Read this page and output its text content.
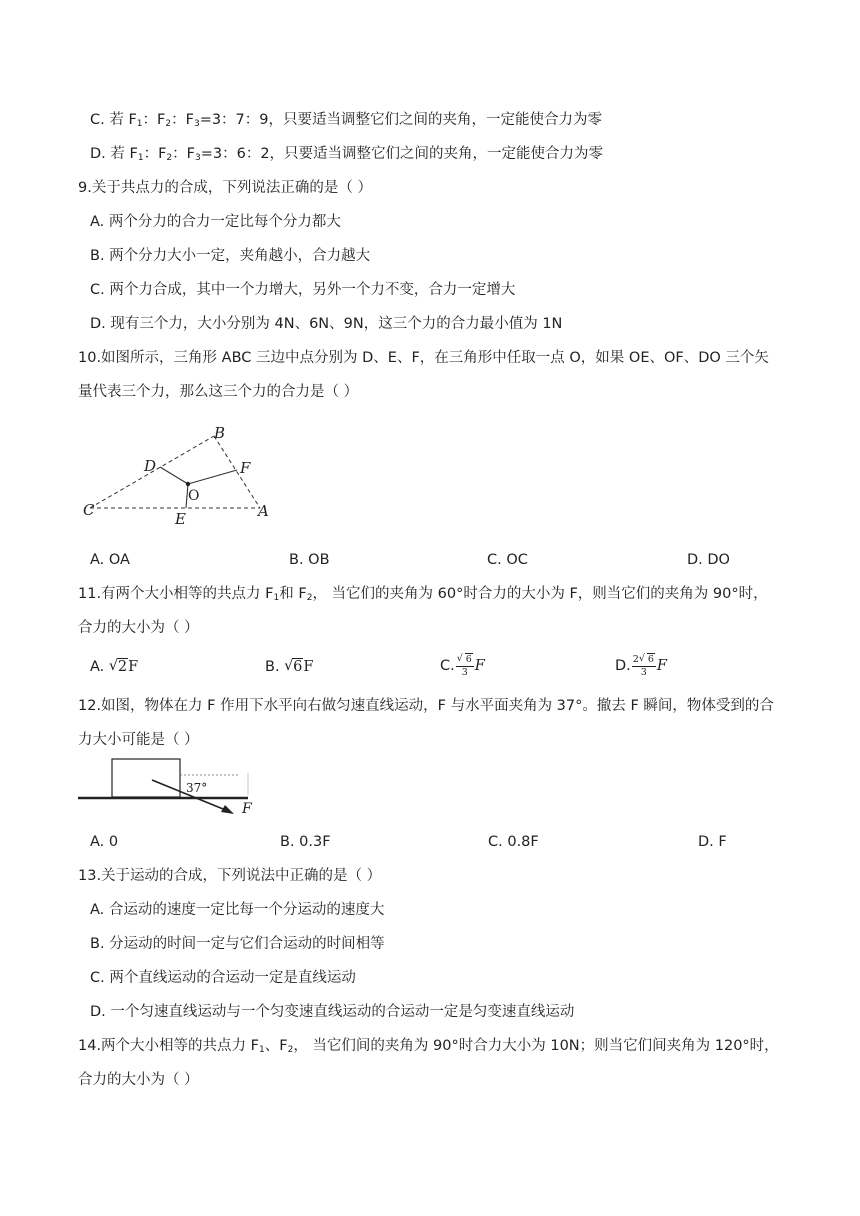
C. 若 $F_1$：$F_2$：$F_3=3$：7：9，只要适当调整它们之间的夹角，一定能使合力为零
D. 若 $F_1$：$F_2$：$F_3=3$：6：2，只要适当调整它们之间的夹角，一定能使合力为零
9.关于共点力的合成，下列说法正确的是（ ）
A. 两个分力的合力一定比每个分力都大
B. 两个分力大小一定，夹角越小，合力越大
C. 两个力合成，其中一个力增大，另外一个力不变，合力一定增大
D. 现有三个力，大小分别为 4N、6N、9N，这三个力的合力最小值为 1N
10.如图所示，三角形 ABC 三边中点分别为 D、E、F，在三角形中任取一点 O，如果 OE、OF、DO 三个矢
量代表三个力，那么这三个力的合力是（ ）
B
D	F
O
C	A
E
A. OA	B. OB	C. OC	D. DO
11.有两个大小相等的共点力 $F_1$和 $F_2$， 当它们的夹角为 60°时合力的大小为 F，则当它们的夹角为 90°时，
合力的大小为（ ）
A. √ 2F	B. √ 6F	C. √ $\frac{6}{3}$ F	D. $\frac{2 √ 6}{3}$ F
12.如图，物体在力 F 作用下水平向右做匀速直线运动，F 与水平面夹角为 37°。撤去 F 瞬间，物体受到的合
力大小可能是（ ）
37°
F
A. 0	B. 0.3F	C. 0.8F	D. F
13.关于运动的合成，下列说法中正确的是（ ）
A. 合运动的速度一定比每一个分运动的速度大
B. 分运动的时间一定与它们合运动的时间相等
C. 两个直线运动的合运动一定是直线运动
D. 一个匀速直线运动与一个匀变速直线运动的合运动一定是匀变速直线运动
14.两个大小相等的共点力 $F_1$、$F_2$， 当它们间的夹角为 90°时合力大小为 10N；则当它们间夹角为 120°时，
合力的大小为（ ）
